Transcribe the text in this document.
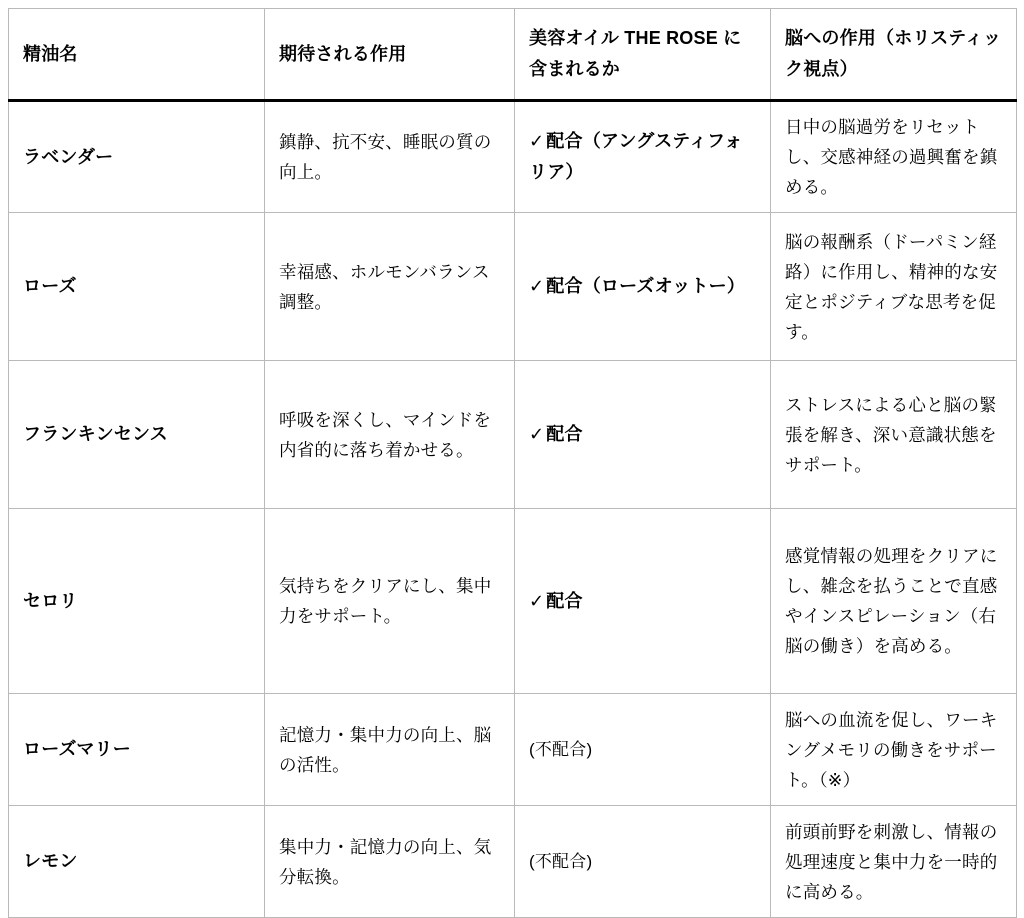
精油名	期待される作用	美容オイル THE ROSE に含まれるか	脳への作用（ホリスティック視点）
ラベンダー	鎮静、抗不安、睡眠の質の向上。	✓ 配合（アングスティフォリア）	日中の脳過労をリセットし、交感神経の過興奮を鎮める。
ローズ	幸福感、ホルモンバランス調整。	✓ 配合（ローズオットー）	脳の報酬系（ドーパミン経路）に作用し、精神的な安定とポジティブな思考を促す。
フランキンセンス	呼吸を深くし、マインドを内省的に落ち着かせる。	✓ 配合	ストレスによる心と脳の緊張を解き、深い意識状態をサポート。
セロリ	気持ちをクリアにし、集中力をサポート。	✓ 配合	感覚情報の処理をクリアにし、雑念を払うことで直感やインスピレーション（右脳の働き）を高める。
ローズマリー	記憶力・集中力の向上、脳の活性。	(不配合)	脳への血流を促し、ワーキングメモリの働きをサポート。（※）
レモン	集中力・記憶力の向上、気分転換。	(不配合)	前頭前野を刺激し、情報の処理速度と集中力を一時的に高める。
